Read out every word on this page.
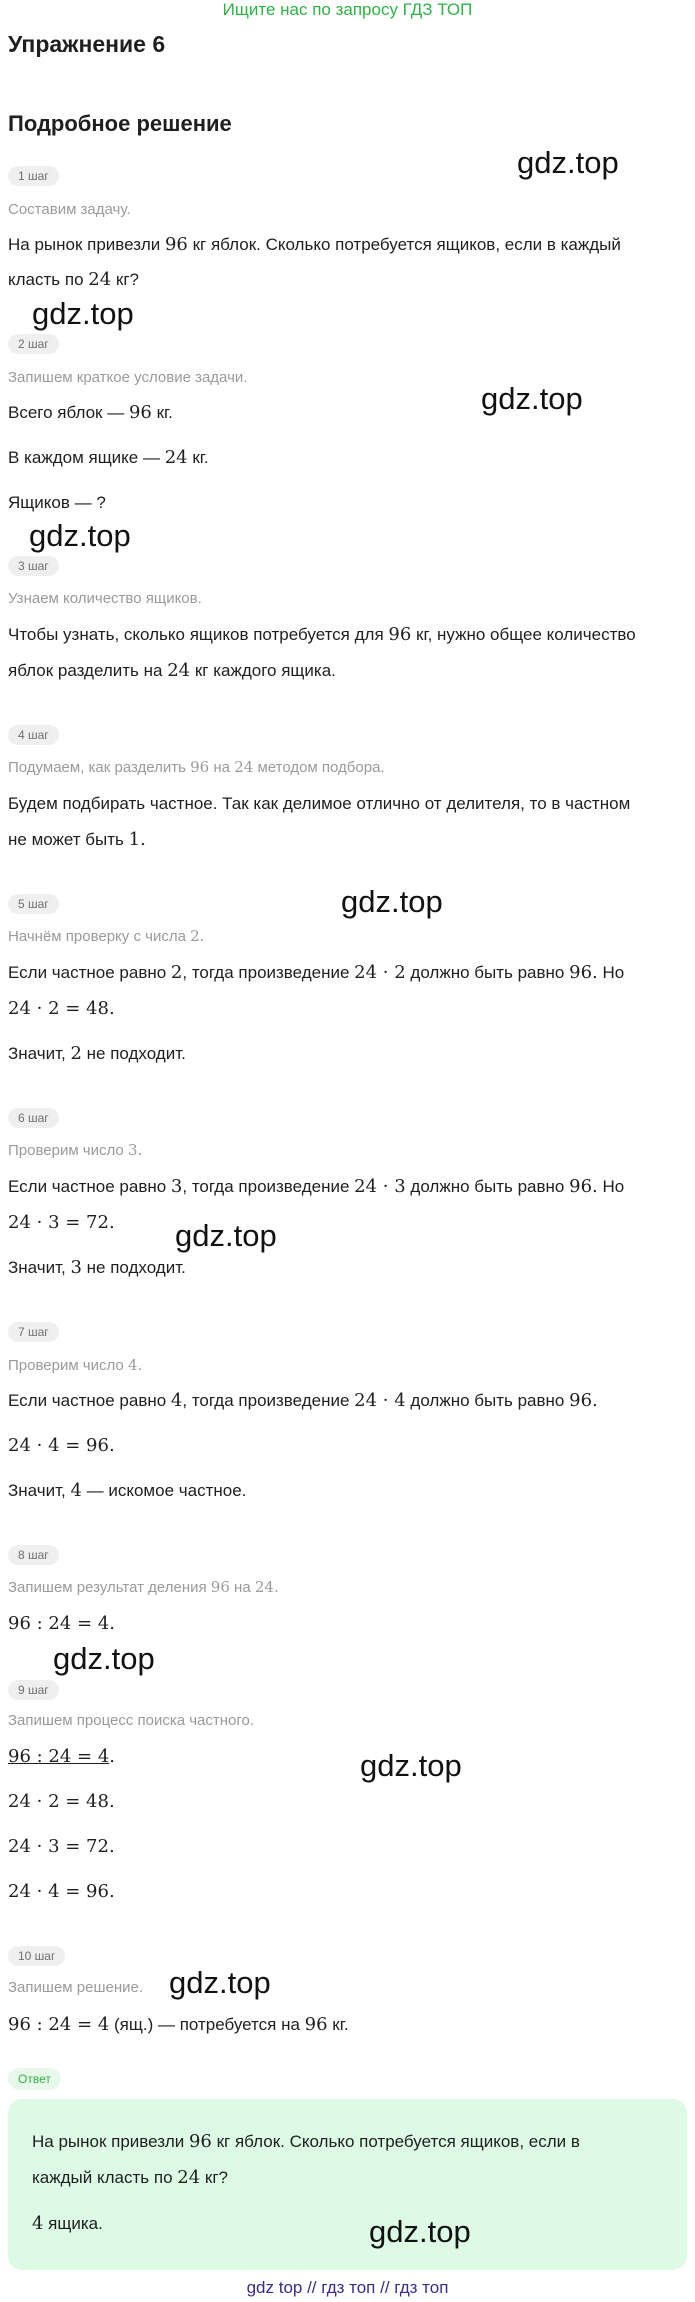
Ищите нас по запросу ГДЗ ТОП
Упражнение 6
Подробное решение
1 шаг
Составим задачу.
На рынок привезли 96 кг яблок. Сколько потребуется ящиков, если в каждый
класть по 24 кг?
2 шаг
Запишем краткое условие задачи.
Всего яблок — 96 кг.
В каждом ящике — 24 кг.
Ящиков — ?
3 шаг
Узнаем количество ящиков.
Чтобы узнать, сколько ящиков потребуется для 96 кг, нужно общее количество
яблок разделить на 24 кг каждого ящика.
4 шаг
Подумаем, как разделить 96 на 24 методом подбора.
Будем подбирать частное. Так как делимое отлично от делителя, то в частном
не может быть 1.
5 шаг
Начнём проверку с числа 2.
Если частное равно 2, тогда произведение 24 · 2 должно быть равно 96. Но
24 · 2 = 48.
Значит, 2 не подходит.
6 шаг
Проверим число 3.
Если частное равно 3, тогда произведение 24 · 3 должно быть равно 96. Но
24 · 3 = 72.
Значит, 3 не подходит.
7 шаг
Проверим число 4.
Если частное равно 4, тогда произведение 24 · 4 должно быть равно 96.
24 · 4 = 96.
Значит, 4 — искомое частное.
8 шаг
Запишем результат деления 96 на 24.
96 : 24 = 4.
9 шаг
Запишем процесс поиска частного.
96 : 24 = 4.
24 · 2 = 48.
24 · 3 = 72.
24 · 4 = 96.
10 шаг
Запишем решение.
96 : 24 = 4 (ящ.) — потребуется на 96 кг.
Ответ
На рынок привезли 96 кг яблок. Сколько потребуется ящиков, если в
каждый класть по 24 кг?
4 ящика.
gdz.top
gdz.top
gdz.top
gdz.top
gdz.top
gdz.top
gdz.top
gdz.top
gdz.top
gdz.top
gdz top // гдз топ // гдз топ
